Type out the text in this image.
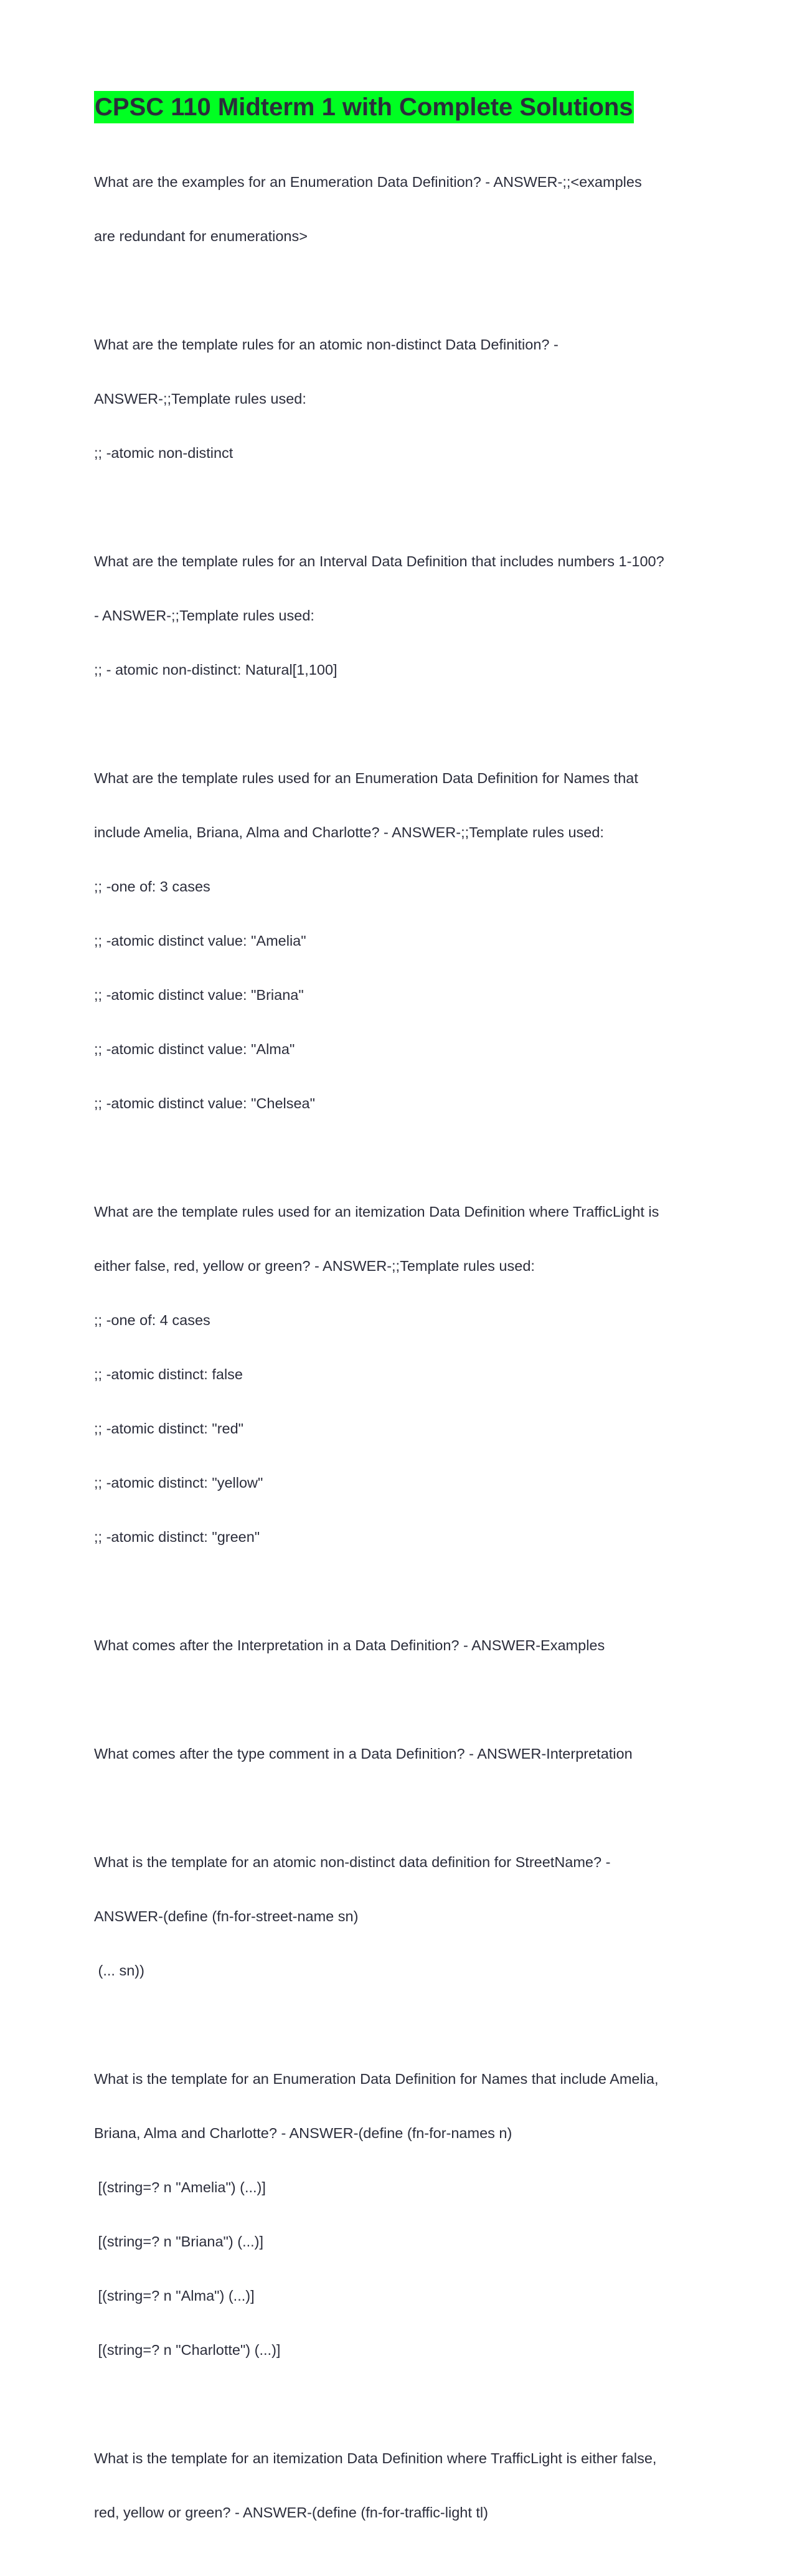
CPSC 110 Midterm 1 with Complete Solutions

What are the examples for an Enumeration Data Definition? - ANSWER-;;<examples

are redundant for enumerations>

What are the template rules for an atomic non-distinct Data Definition? -

ANSWER-;;Template rules used:

;; -atomic non-distinct

What are the template rules for an Interval Data Definition that includes numbers 1-100?

- ANSWER-;;Template rules used:

;; - atomic non-distinct: Natural[1,100]

What are the template rules used for an Enumeration Data Definition for Names that

include Amelia, Briana, Alma and Charlotte? - ANSWER-;;Template rules used:

;; -one of: 3 cases

;; -atomic distinct value: "Amelia"

;; -atomic distinct value: "Briana"

;; -atomic distinct value: "Alma"

;; -atomic distinct value: "Chelsea"

What are the template rules used for an itemization Data Definition where TrafficLight is

either false, red, yellow or green? - ANSWER-;;Template rules used:

;; -one of: 4 cases

;; -atomic distinct: false

;; -atomic distinct: "red"

;; -atomic distinct: "yellow"

;; -atomic distinct: "green"

What comes after the Interpretation in a Data Definition? - ANSWER-Examples

What comes after the type comment in a Data Definition? - ANSWER-Interpretation

What is the template for an atomic non-distinct data definition for StreetName? -

ANSWER-(define (fn-for-street-name sn)

(... sn))

What is the template for an Enumeration Data Definition for Names that include Amelia,

Briana, Alma and Charlotte? - ANSWER-(define (fn-for-names n)

[(string=? n "Amelia") (...)]

[(string=? n "Briana") (...)]

[(string=? n "Alma") (...)]

[(string=? n "Charlotte") (...)]

What is the template for an itemization Data Definition where TrafficLight is either false,

red, yellow or green? - ANSWER-(define (fn-for-traffic-light tl)
